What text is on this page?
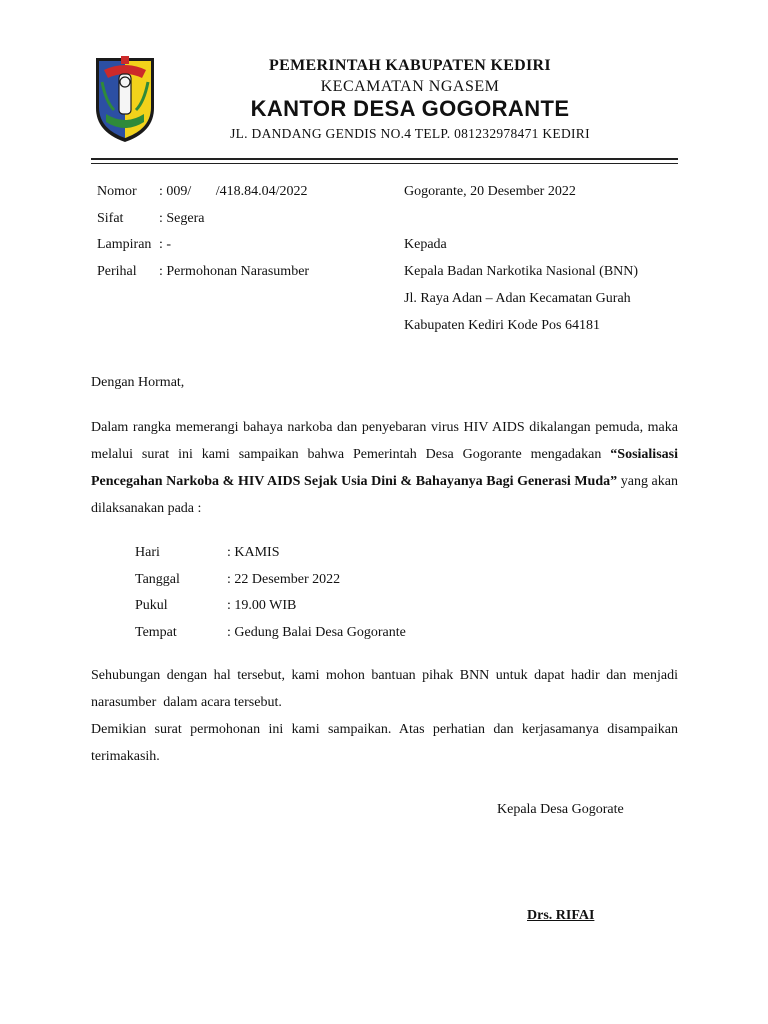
PEMERINTAH KABUPATEN KEDIRI
KECAMATAN NGASEM
KANTOR DESA GOGORANTE
JL. DANDANG GENDIS NO.4 TELP. 081232978471 KEDIRI
Nomor : 009/       /418.84.04/2022
Sifat	: Segera
Lampiran : -
Perihal : Permohonan Narasumber
Gogorante, 20 Desember 2022
Kepada
Kepala Badan Narkotika Nasional (BNN)
Jl. Raya Adan – Adan Kecamatan Gurah
Kabupaten Kediri Kode Pos 64181
Dengan Hormat,
Dalam rangka memerangi bahaya narkoba dan penyebaran virus HIV AIDS dikalangan pemuda, maka melalui surat ini kami sampaikan bahwa Pemerintah Desa Gogorante mengadakan “Sosialisasi Pencegahan Narkoba & HIV AIDS Sejak Usia Dini & Bahayanya Bagi Generasi Muda” yang akan dilaksanakan pada :
Hari	: KAMIS
Tanggal	: 22 Desember 2022
Pukul	: 19.00 WIB
Tempat	: Gedung Balai Desa Gogorante
Sehubungan dengan hal tersebut, kami mohon bantuan pihak BNN untuk dapat hadir dan menjadi narasumber  dalam acara tersebut.
Demikian surat permohonan ini kami sampaikan. Atas perhatian dan kerjasamanya disampaikan terimakasih.
Kepala Desa Gogorate
Drs. RIFAI
